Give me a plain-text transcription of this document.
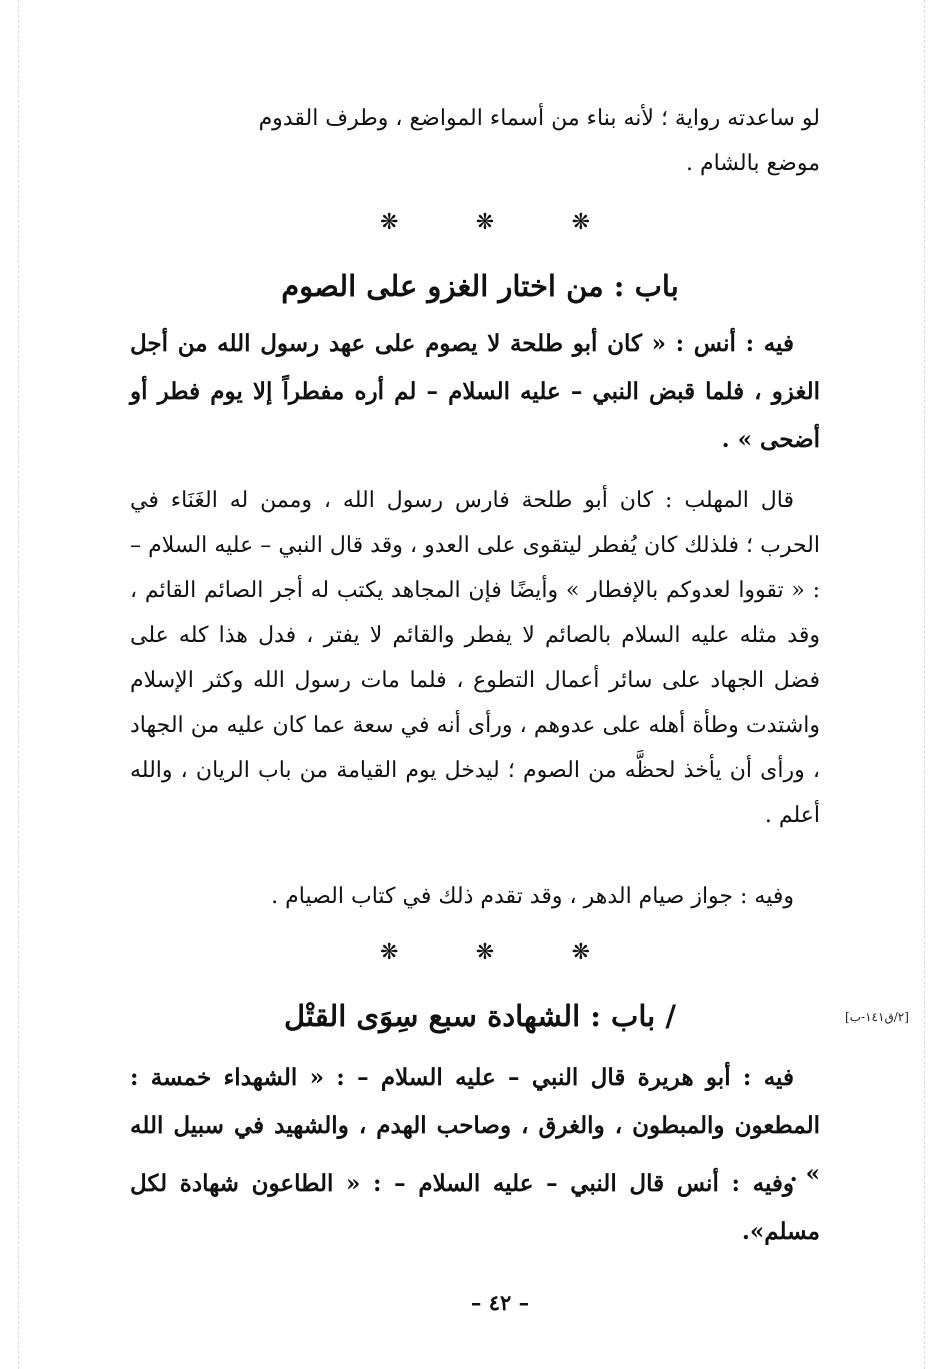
لو ساعدته رواية ؛ لأنه بناء من أسماء المواضع ، وطرف القدوم

موضع بالشام .

❋	❋	❋
باب : من اختار الغزو على الصوم

فيه : أنس : « كان أبو طلحة لا يصوم على عهد رسول الله من أجل الغزو ، فلما قبض النبي – عليه السلام – لم أره مفطراً إلا يوم فطر أو أضحى » .

قال المهلب : كان أبو طلحة فارس رسول الله ، وممن له الغَنَاء في الحرب ؛ فلذلك كان يُفطر ليتقوى على العدو ، وقد قال النبي – عليه السلام – : « تقووا لعدوكم بالإفطار » وأيضًا فإن المجاهد يكتب له أجر الصائم القائم ، وقد مثله عليه السلام بالصائم لا يفطر والقائم لا يفتر ، فدل هذا كله على فضل الجهاد على سائر أعمال التطوع ، فلما مات رسول الله وكثر الإسلام واشتدت وطأة أهله على عدوهم ، ورأى أنه في سعة عما كان عليه من الجهاد ، ورأى أن يأخذ لحظَّه من الصوم ؛ ليدخل يوم القيامة من باب الريان ، والله أعلم .

وفيه : جواز صيام الدهر ، وقد تقدم ذلك في كتاب الصيام .

❋	❋	❋
/ باب : الشهادة سبع سِوَى القتْل	[٢/ق١٤١-ب]

فيه : أبو هريرة قال النبي – عليه السلام – : « الشهداء خمسة : المطعون والمبطون ، والغرق ، وصاحب الهدم ، والشهيد في سبيل الله » .

وفيه : أنس قال النبي – عليه السلام – : « الطاعون شهادة لكل مسلم».

– ٤٢ –
